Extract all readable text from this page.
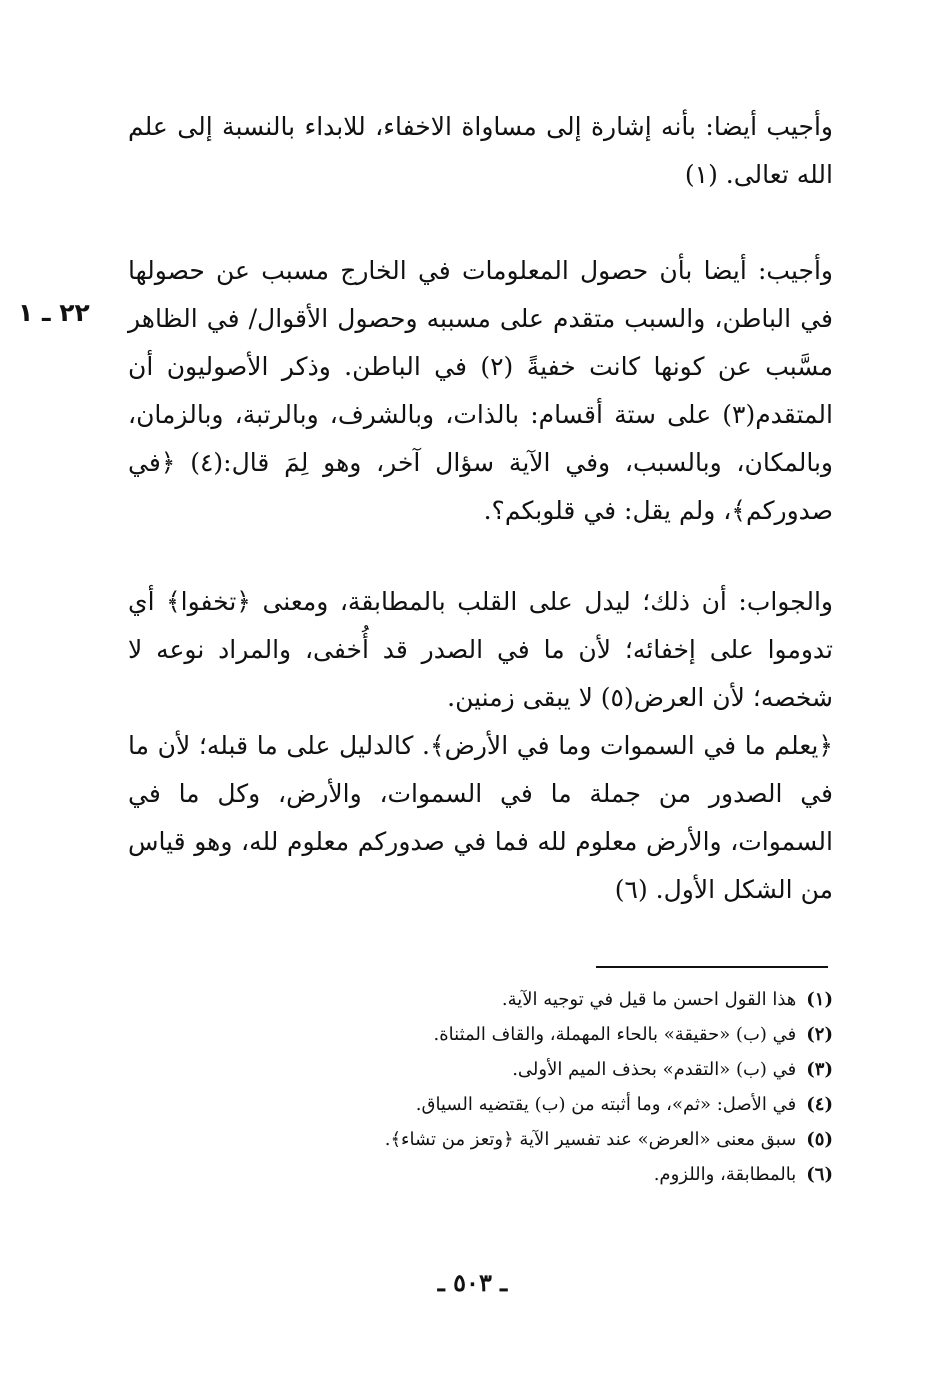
وأجيب أيضا: بأنه إشارة إلى مساواة الاخفاء، للابداء بالنسبة إلى علم الله تعالى. (١)

وأجيب: أيضا بأن حصول المعلومات في الخارج مسبب عن حصولها في الباطن، والسبب متقدم على مسببه وحصول الأقوال/ في الظاهر مسَّبب عن كونها كانت خفيةً (٢) في الباطن. وذكر الأصوليون أن المتقدم(٣) على ستة أقسام: بالذات، وبالشرف، وبالرتبة، وبالزمان، وبالمكان، وبالسبب، وفي الآية سؤال آخر، وهو لِمَ قال:(٤) ﴿في صدوركم﴾، ولم يقل: في قلوبكم؟.

٢٢ ـ ١
والجواب: أن ذلك؛ ليدل على القلب بالمطابقة، ومعنى ﴿تخفوا﴾ أي تدوموا على إخفائه؛ لأن ما في الصدر قد أُخفى، والمراد نوعه لا شخصه؛ لأن العرض(٥) لا يبقى زمنين.
﴿يعلم ما في السموات وما في الأرض﴾. كالدليل على ما قبله؛ لأن ما في الصدور من جملة ما في السموات، والأرض، وكل ما في السموات، والأرض معلوم لله فما في صدوركم معلوم لله، وهو قياس من الشكل الأول. (٦)
(١)هذا القول احسن ما قيل في توجيه الآية.
(٢)في (ب) «حقيقة» بالحاء المهملة، والقاف المثناة.
(٣)في (ب) «التقدم» بحذف الميم الأولى.
(٤)في الأصل: «ثم»، وما أثبته من (ب) يقتضيه السياق.
(٥)سبق معنى «العرض» عند تفسير الآية ﴿وتعز من تشاء﴾.
(٦)بالمطابقة، واللزوم.
ـ ٥٠٣ ـ
